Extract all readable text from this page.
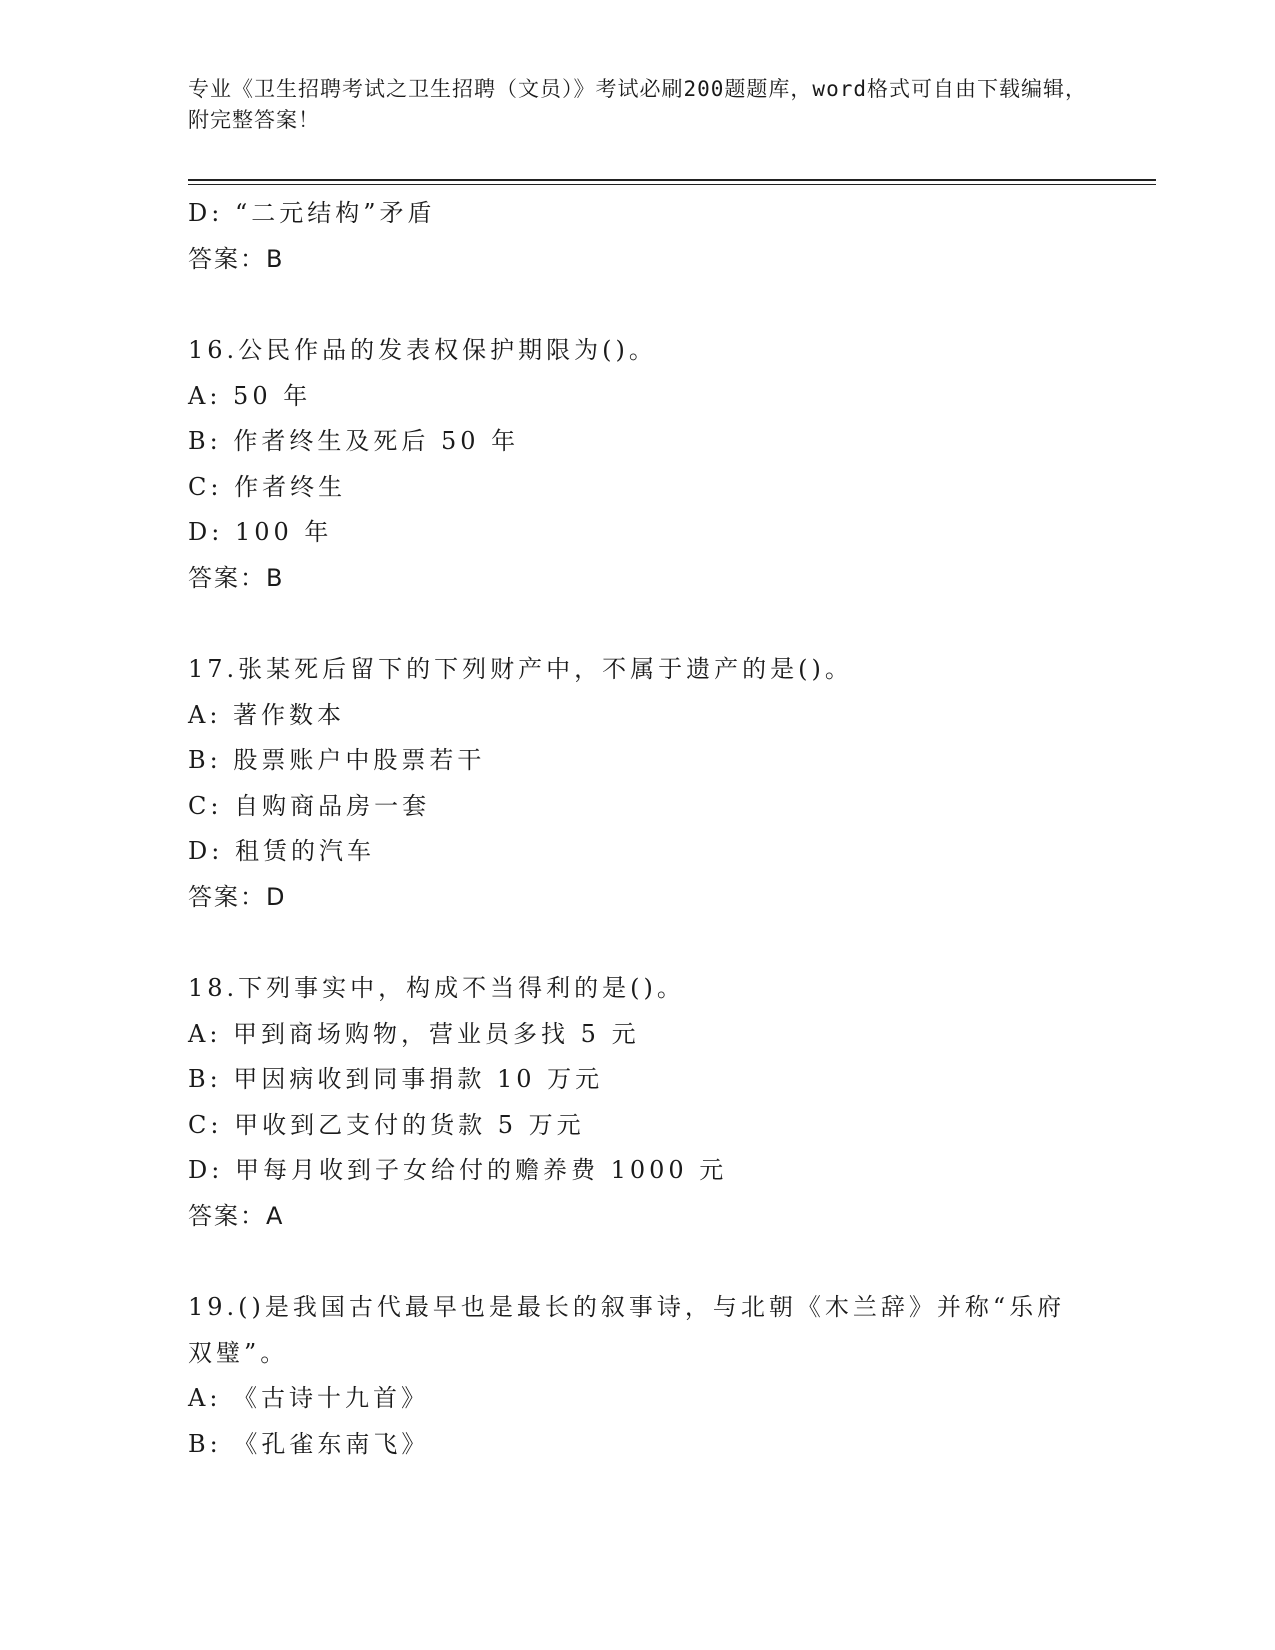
专业《卫生招聘考试之卫生招聘（文员）》考试必刷200题题库，word格式可自由下载编辑，附完整答案！
D: “二元结构”矛盾
答案：B
16.公民作品的发表权保护期限为()。
A: 50 年
B: 作者终生及死后 50 年
C: 作者终生
D: 100 年
答案：B
17.张某死后留下的下列财产中，不属于遗产的是()。
A: 著作数本
B: 股票账户中股票若干
C: 自购商品房一套
D: 租赁的汽车
答案：D
18.下列事实中，构成不当得利的是()。
A: 甲到商场购物，营业员多找 5 元
B: 甲因病收到同事捐款 10 万元
C: 甲收到乙支付的货款 5 万元
D: 甲每月收到子女给付的赡养费 1000 元
答案：A
19.()是我国古代最早也是最长的叙事诗，与北朝《木兰辞》并称“乐府双璧”。
A: 《古诗十九首》
B: 《孔雀东南飞》
